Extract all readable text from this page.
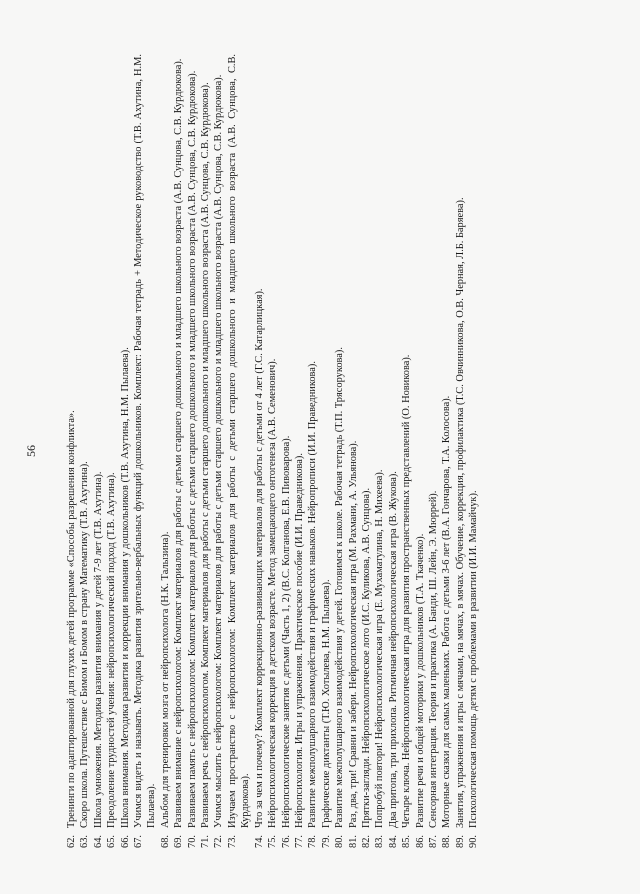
56
62.
Тренинги по адаптированной для глухих детей программе «Способы разрешения конфликта».
63.
Скоро школа. Путешествие с Бимом и Бомом в страну Математику (Т.В. Ахутина).
64.
Школа умножения. Методика развития внимания у детей 7-9 лет (Т.В. Ахутина).
65.
Преодоление трудностей учения: нейропсихологический подход (Т.В. Ахутина).
66.
Школа внимания. Методика развития и коррекции внимания у дошкольников (Т.В. Ахутина, Н.М. Пылаева).
67.
Учимся видеть и называть. Методика развития зрительно-вербальных функций дошкольников. Комплект: Рабочая тетрадь + Методическое руководство (Т.В. Ахутина, Н.М. Пылаева).
68.
Альбом для тренировки мозга от нейропсихолога (Н.К. Талызина).
69.
Развиваем внимание с нейропсихологом: Комплект материалов для работы с детьми старшего дошкольного и младшего школьного возраста (А.В. Сунцова, С.В. Курдюкова).
70.
Развиваем память с нейропсихологом: Комплект материалов для работы с детьми старшего дошкольного и младшего школьного возраста (А.В. Сунцова, С.В. Курдюкова).
71.
Развиваем речь с нейропсихологом. Комплект материалов для работы с детьми старшего дошкольного и младшего школьного возраста (А.В. Сунцова, С.В. Курдюкова).
72.
Учимся мыслить с нейропсихологом: Комплект материалов для работы с детьми старшего дошкольного и младшего школьного возраста (А.В. Сунцова, С.В. Курдюкова).
73.
Изучаем пространство с нейропсихологом: Комплект материалов для работы с детьми старшего дошкольного и младшего школьного возраста (А.В. Сунцова, С.В. Курдюкова).
74.
Что за чем и почему? Комплект коррекционно-развивающих материалов для работы с детьми от 4 лет (Г.С. Катарлицкая).
75.
Нейропсихологическая коррекция в детском возрасте. Метод замещающего онтогенеза (А.В. Семенович).
76.
Нейропсихологические занятия с детьми (Часть 1, 2) (В.С. Колганова, Е.В. Пивоварова).
77.
Нейропсихология. Игры и упражнения. Практическое пособие (И.И. Праведникова).
78.
Развитие межполушарного взаимодействия и графических навыков. Нейропрописи (И.И. Праведникова).
79.
Графические диктанты (Т.Ю. Хотылева, Н.М. Пылаева).
80.
Развитие межполушарного взаимодействия у детей. Готовимся к школе. Рабочая тетрадь (Т.П. Трясорукова).
81.
Раз, два, три! Сравни и забери. Нейропсихологическая игра (М. Рахмани, А. Ульянова).
82.
Прятки-загляди. Нейропсихологическое лото (И.С. Куликова, А.В. Сунцова).
83.
Попробуй повтори! Нейропсихологическая игра (Е. Мухаматулина, Н. Михеева).
84.
Два притопа, три прихлопа. Ритмичная нейропсихологическая игра (В. Жукова).
85.
Четыре ключа. Нейропсихологическая игра для развития пространственных представлений (О. Новикова).
86.
Развитие речи и общей моторики у дошкольников (Т.А. Ткаченко).
87.
Сенсорная интеграция. Теория и практика (А. Банди, Ш. Лейн, Э. Мюррей).
88.
Моторные сказки для самых маленьких. Работа с детьми 3-6 лет (В.А. Гончарова, Т.А. Колосова).
89.
Занятия, упражнения и игры с мячами, на мячах, в мячах. Обучение, коррекция, профилактика (Т.С. Овчинникова, О.В. Черная, Л.Б. Баряева).
90.
Психологическая помощь детям с проблемами в развитии (И.И. Мамайчук).
